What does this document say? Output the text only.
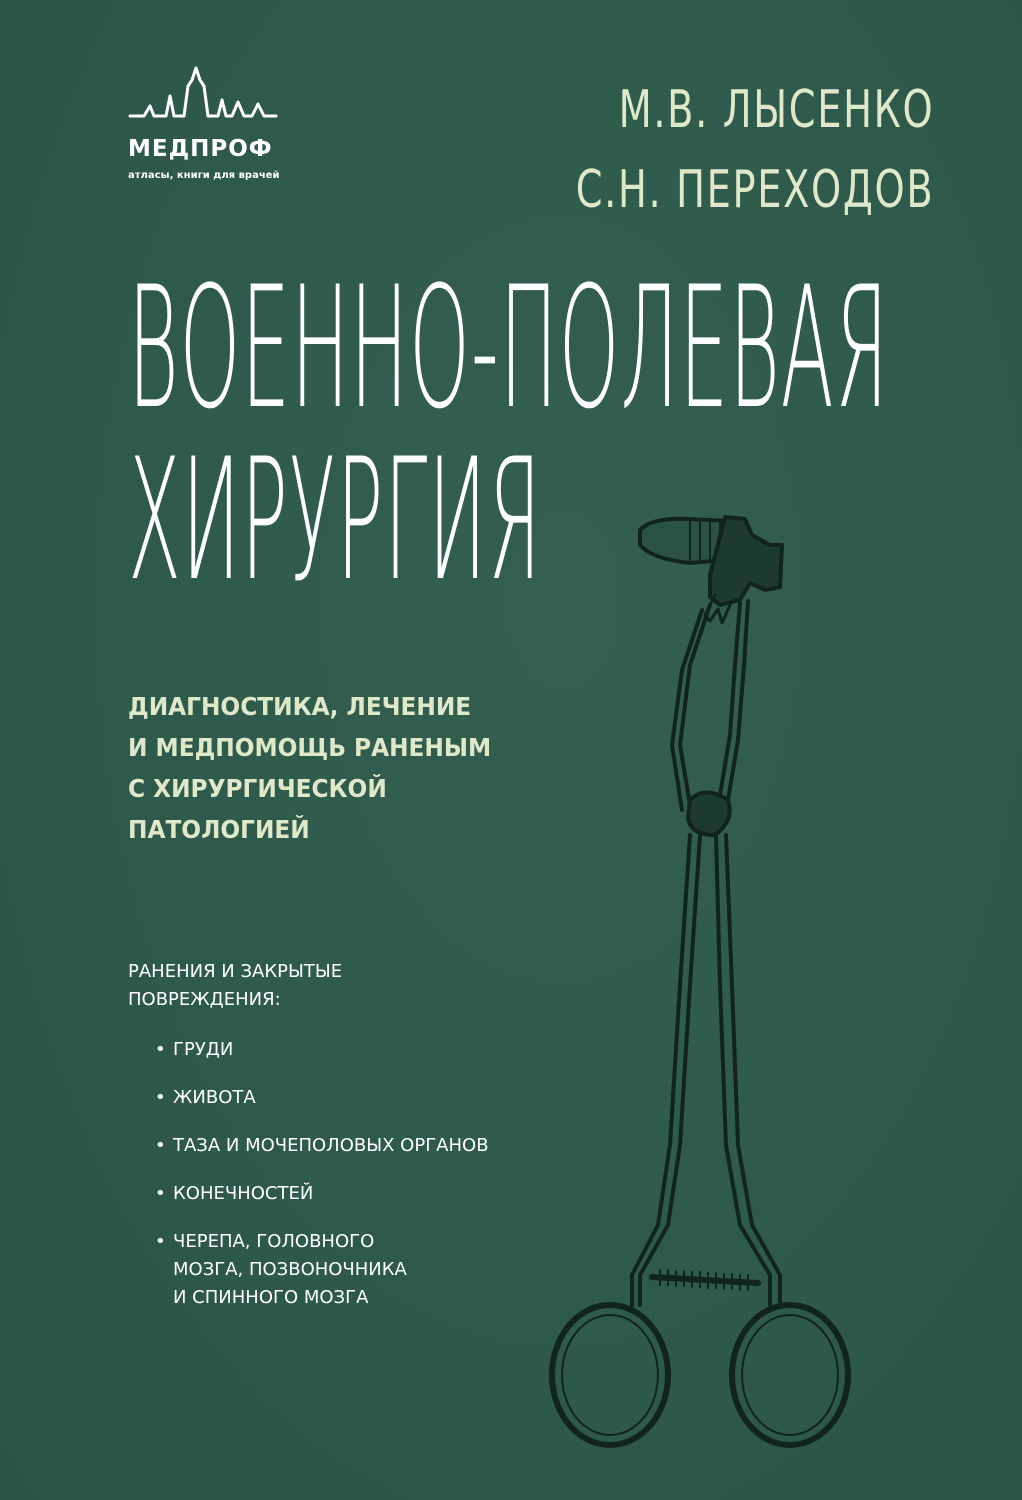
МЕДПРОФ
атласы, книги для врачей
М.В. ЛЫСЕНКО
С.Н. ПЕРЕХОДОВ
ВОЕННО-ПОЛЕВАЯ
ХИРУРГИЯ
ДИАГНОСТИКА, ЛЕЧЕНИЕ
И МЕДПОМОЩЬ РАНЕНЫМ
С ХИРУРГИЧЕСКОЙ
ПАТОЛОГИЕЙ
РАНЕНИЯ И ЗАКРЫТЫЕ
ПОВРЕЖДЕНИЯ:
• ГРУДИ
• ЖИВОТА
• ТАЗА И МОЧЕПОЛОВЫХ ОРГАНОВ
• КОНЕЧНОСТЕЙ
• ЧЕРЕПА, ГОЛОВНОГО
МОЗГА, ПОЗВОНОЧНИКА
И СПИННОГО МОЗГА
